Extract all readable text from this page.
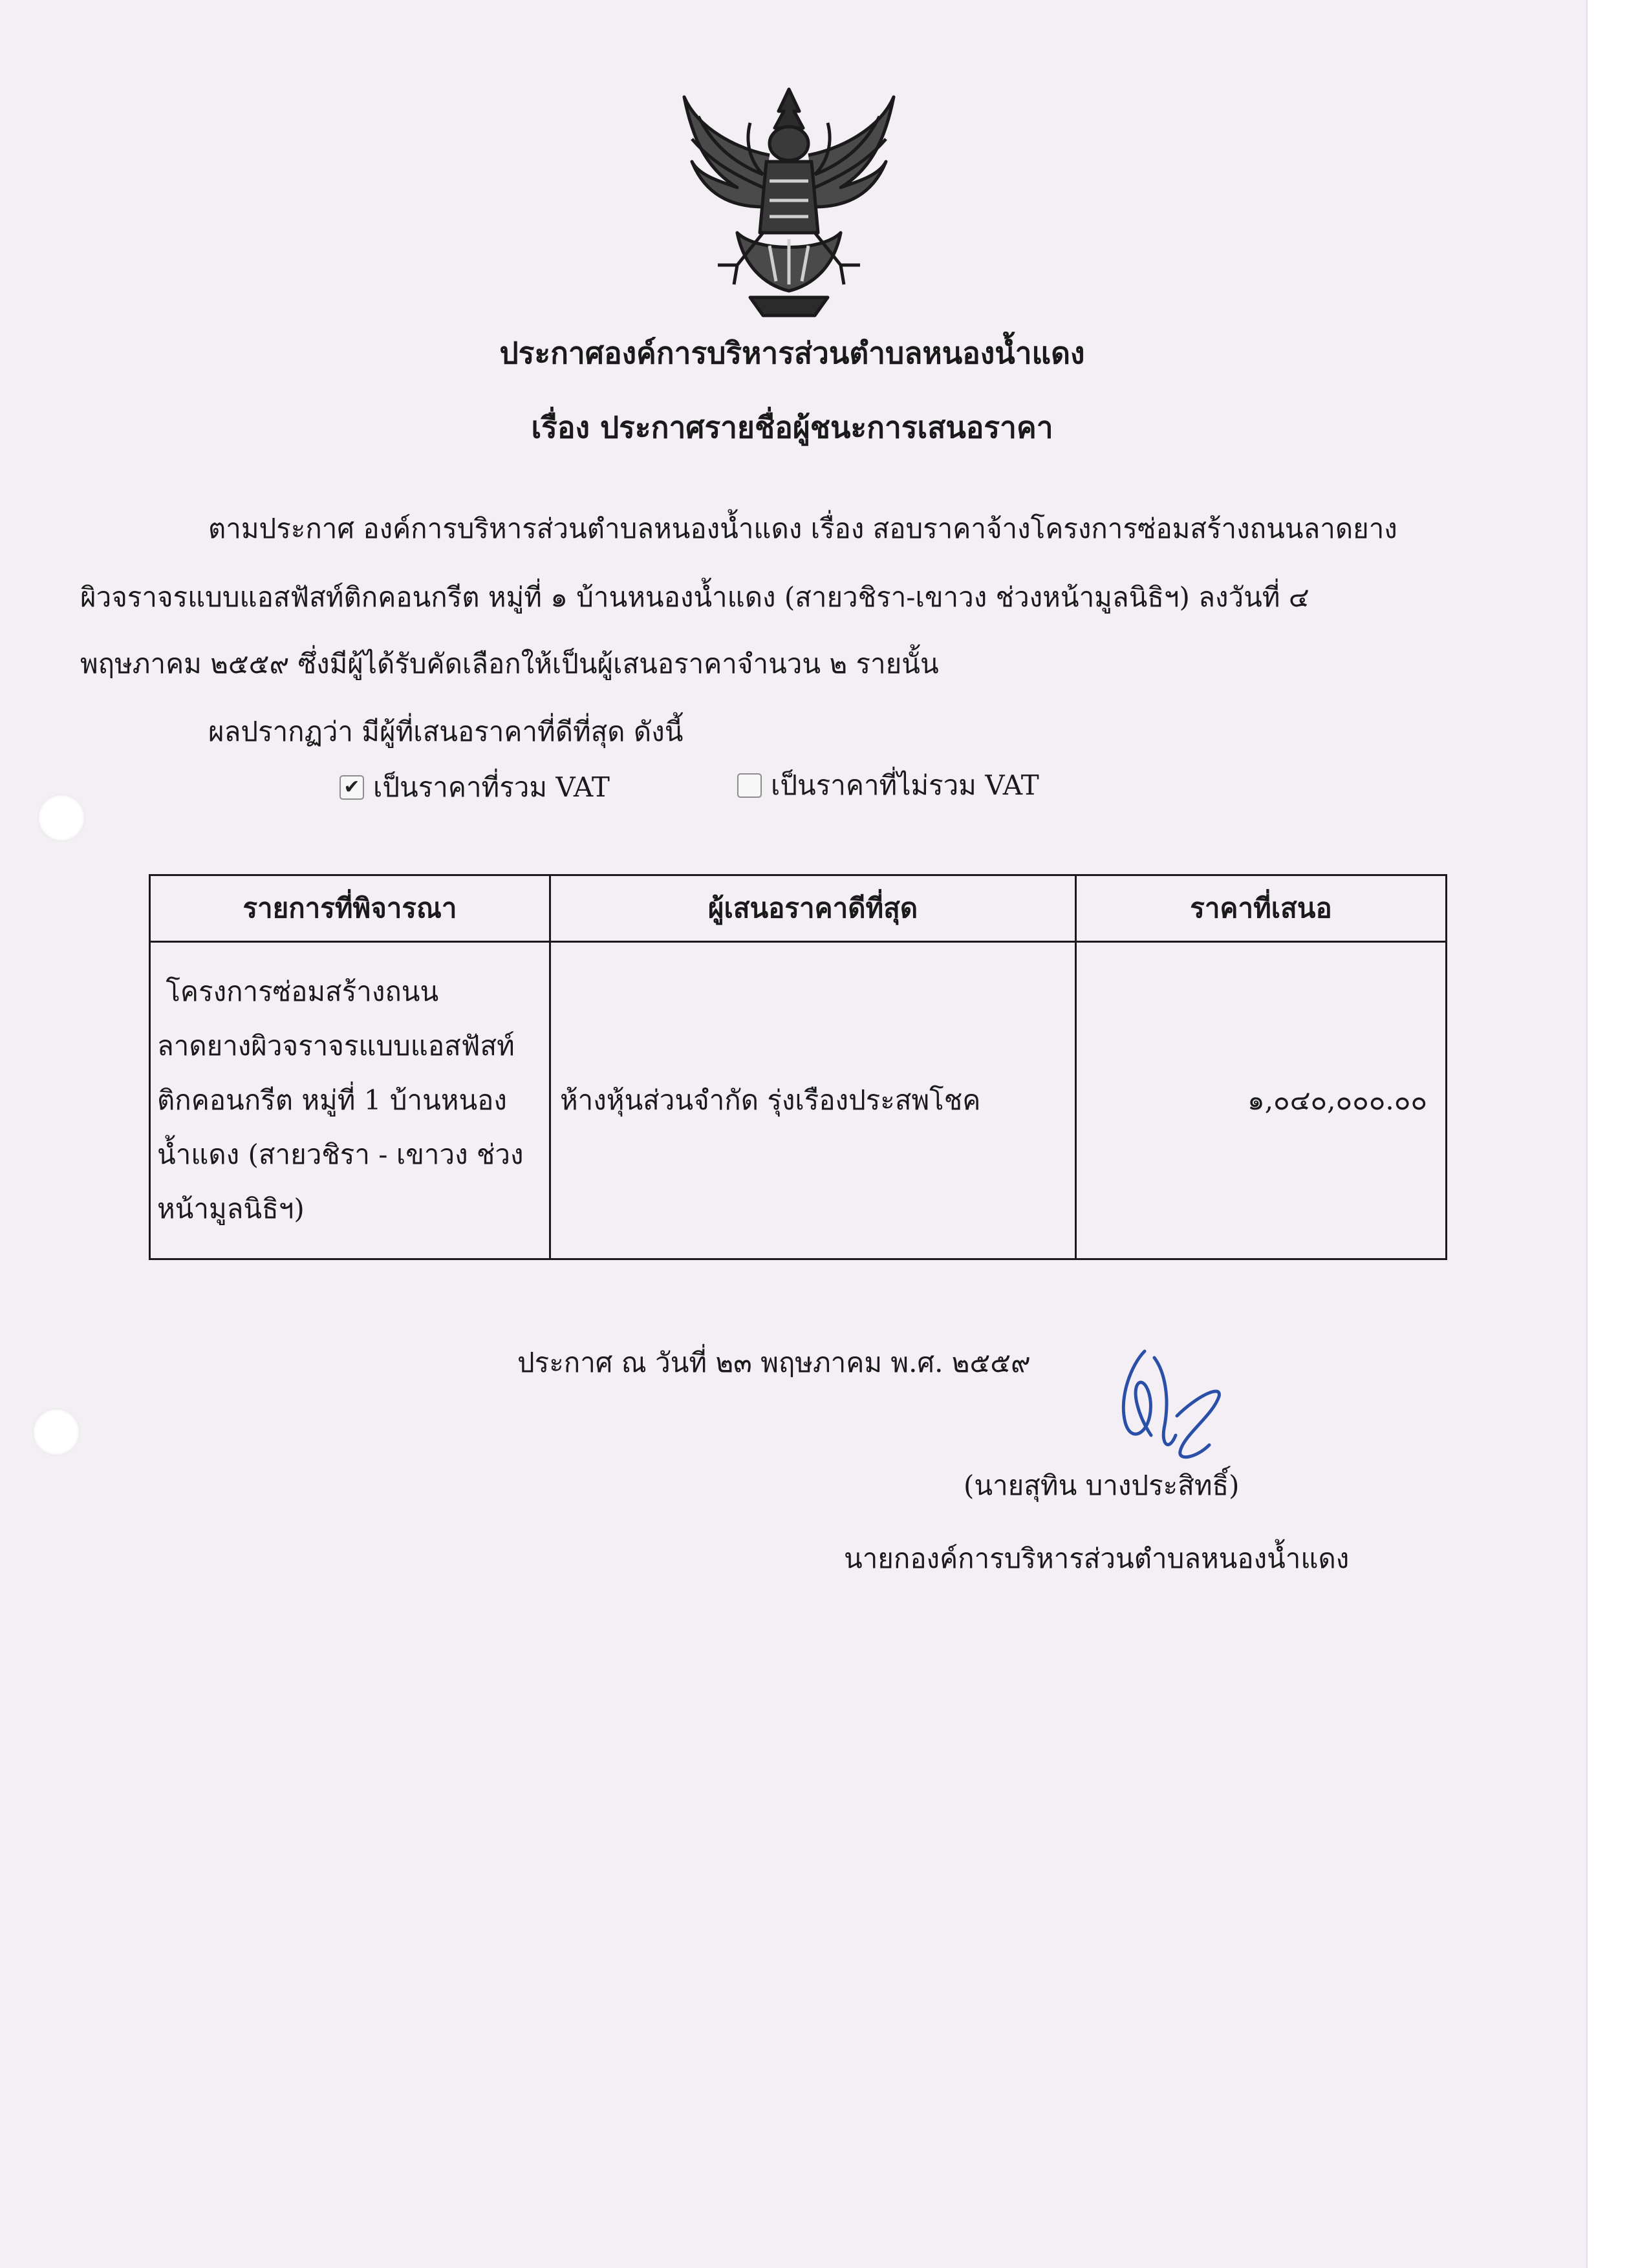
ประกาศองค์การบริหารส่วนตำบลหนองน้ำแดง
เรื่อง ประกาศรายชื่อผู้ชนะการเสนอราคา
ตามประกาศ องค์การบริหารส่วนตำบลหนองน้ำแดง เรื่อง สอบราคาจ้างโครงการซ่อมสร้างถนนลาดยาง
ผิวจราจรแบบแอสฟัสท์ติกคอนกรีต หมู่ที่ ๑ บ้านหนองน้ำแดง (สายวชิรา-เขาวง ช่วงหน้ามูลนิธิฯ) ลงวันที่ ๔
พฤษภาคม ๒๕๕๙ ซึ่งมีผู้ได้รับคัดเลือกให้เป็นผู้เสนอราคาจำนวน ๒ รายนั้น
ผลปรากฏว่า มีผู้ที่เสนอราคาที่ดีที่สุด ดังนี้
✔ เป็นราคาที่รวม VAT	เป็นราคาที่ไม่รวม VAT
รายการที่พิจารณา	ผู้เสนอราคาดีที่สุด	ราคาที่เสนอ

โครงการซ่อมสร้างถนน
ลาดยางผิวจราจรแบบแอสฟัสท์
ติกคอนกรีต หมู่ที่ 1 บ้านหนอง
น้ำแดง (สายวชิรา - เขาวง ช่วง
หน้ามูลนิธิฯ)	ห้างหุ้นส่วนจำกัด รุ่งเรืองประสพโชค	๑,๐๔๐,๐๐๐.๐๐
ประกาศ ณ วันที่ ๒๓ พฤษภาคม พ.ศ. ๒๕๕๙
(นายสุทิน บางประสิทธิ์)
นายกองค์การบริหารส่วนตำบลหนองน้ำแดง
